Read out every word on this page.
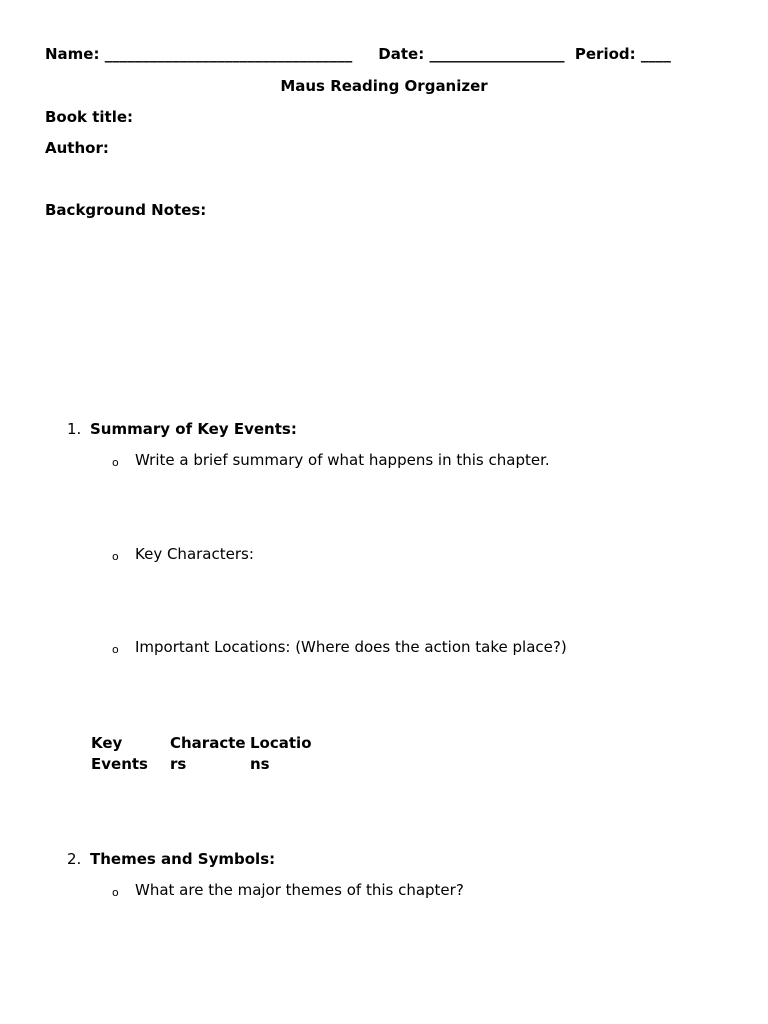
Name: _________________________________     Date: __________________  Period: ____
Maus Reading Organizer
Book title:
Author:
Background Notes:
1. Summary of Key Events:
o Write a brief summary of what happens in this chapter.
o Key Characters:
o Important Locations: (Where does the action take place?)
Key Events
Characters
Locations
2. Themes and Symbols:
o What are the major themes of this chapter?
